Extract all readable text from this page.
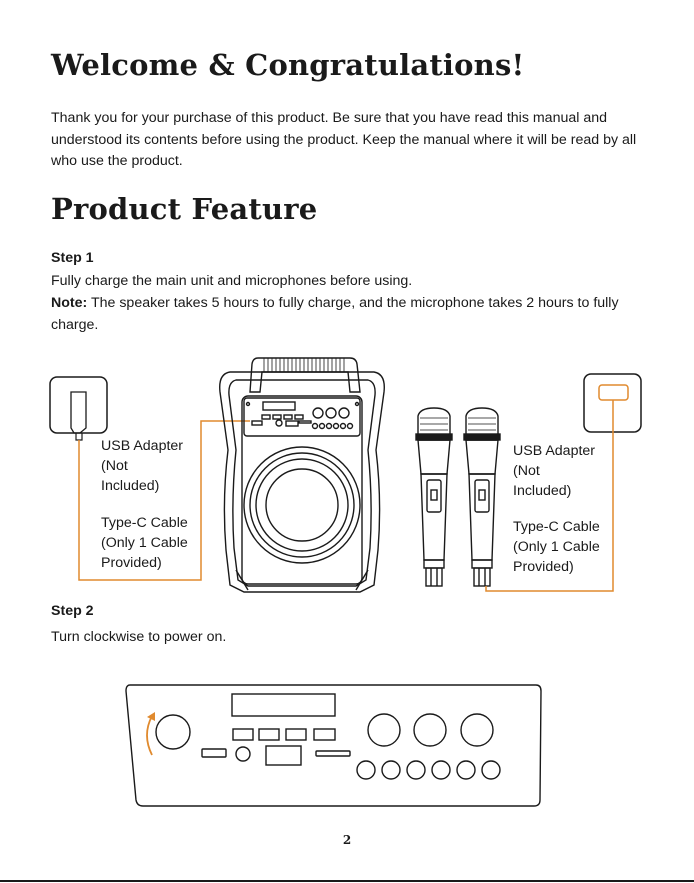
Welcome & Congratulations!
Thank you for your purchase of this product. Be sure that you have read this manual and understood its contents before using the product. Keep the manual where it will be read by all who use the product.
Product Feature
Step 1
Fully charge the main unit and microphones before using.
Note: The speaker takes 5 hours to fully charge, and the microphone takes 2 hours to fully charge.
USB Adapter
(Not
Included)
Type-C Cable
(Only 1 Cable
Provided)
USB Adapter
(Not
Included)
Type-C Cable
(Only 1 Cable
Provided)
Step 2
Turn clockwise to power on.
2
